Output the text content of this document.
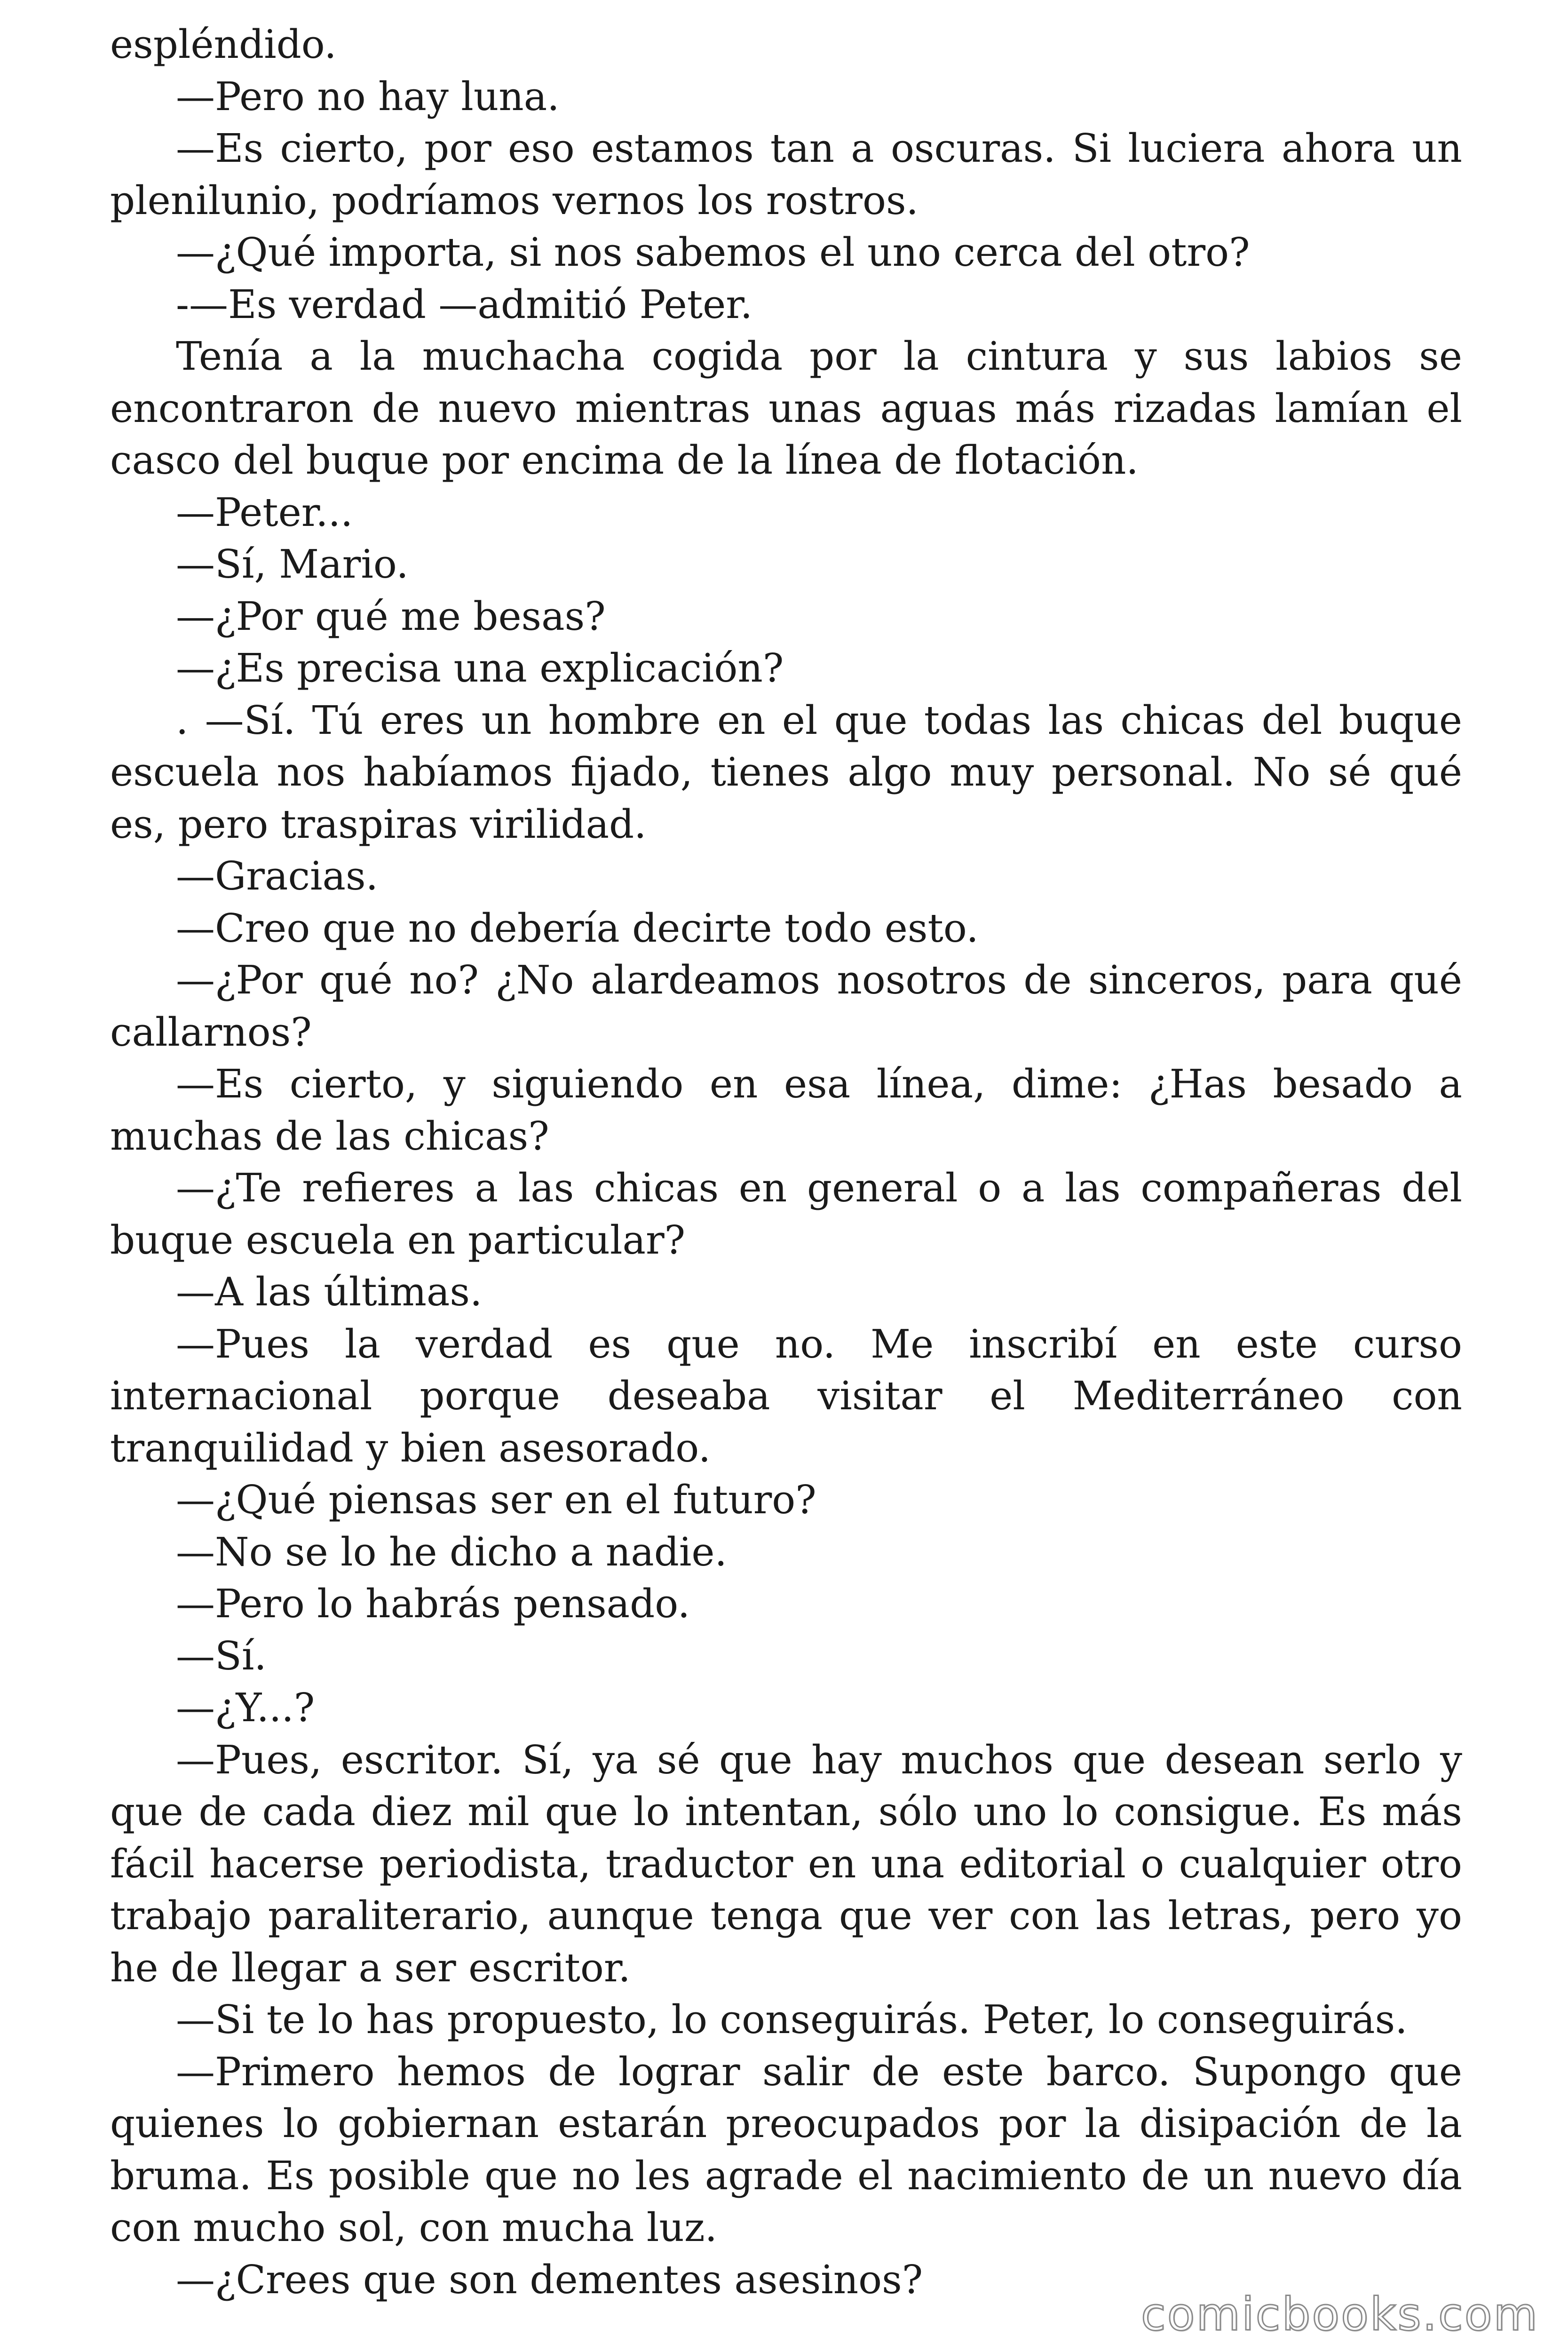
espléndido.

—Pero no hay luna.

—Es cierto, por eso estamos tan a oscuras. Si luciera ahora un plenilunio, podríamos vernos los rostros.

—¿Qué importa, si nos sabemos el uno cerca del otro?

-—Es verdad —admitió Peter.

Tenía a la muchacha cogida por la cintura y sus labios se encontraron de nuevo mientras unas aguas más rizadas lamían el casco del buque por encima de la línea de flotación.

—Peter...

—Sí, Mario.

—¿Por qué me besas?

—¿Es precisa una explicación?

. —Sí. Tú eres un hombre en el que todas las chicas del buque escuela nos habíamos fijado, tienes algo muy personal. No sé qué es, pero traspiras virilidad.

—Gracias.

—Creo que no debería decirte todo esto.

—¿Por qué no? ¿No alardeamos nosotros de sinceros, para qué callarnos?

—Es cierto, y siguiendo en esa línea, dime: ¿Has besado a muchas de las chicas?

—¿Te refieres a las chicas en general o a las compañeras del buque escuela en particular?

—A las últimas.

—Pues la verdad es que no. Me inscribí en este curso internacional porque deseaba visitar el Mediterráneo con tranquilidad y bien asesorado.

—¿Qué piensas ser en el futuro?

—No se lo he dicho a nadie.

—Pero lo habrás pensado.

—Sí.

—¿Y...?

—Pues, escritor. Sí, ya sé que hay muchos que desean serlo y que de cada diez mil que lo intentan, sólo uno lo consigue. Es más fácil hacerse periodista, traductor en una editorial o cualquier otro trabajo paraliterario, aunque tenga que ver con las letras, pero yo he de llegar a ser escritor.

—Si te lo has propuesto, lo conseguirás. Peter, lo conseguirás.

—Primero hemos de lograr salir de este barco. Supongo que quienes lo gobiernan estarán preocupados por la disipación de la bruma. Es posible que no les agrade el nacimiento de un nuevo día con mucho sol, con mucha luz.

—¿Crees que son dementes asesinos?

comicbooks.com
